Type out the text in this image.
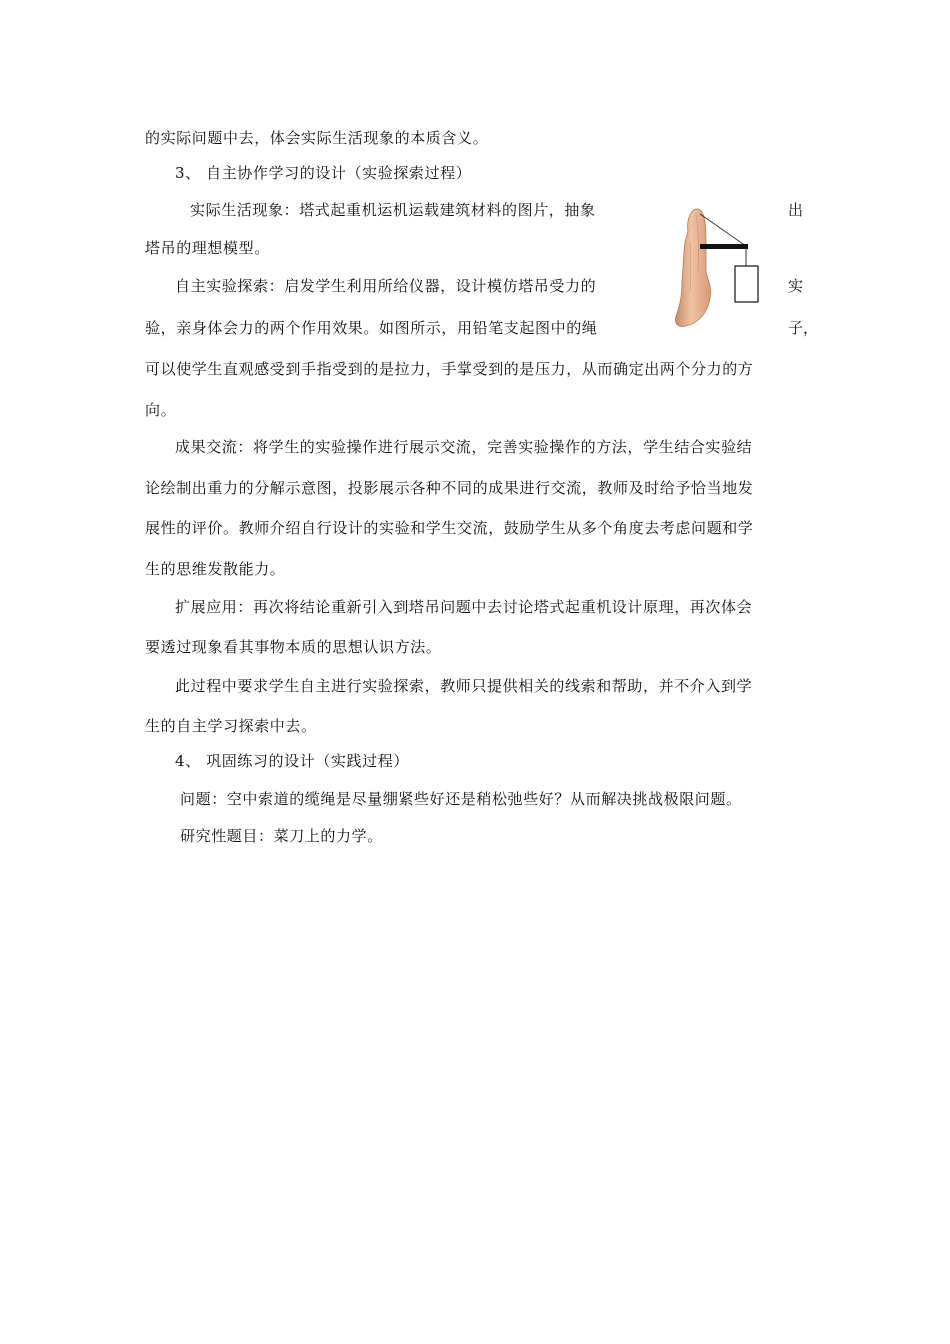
的实际问题中去，体会实际生活现象的本质含义。
3、 自主协作学习的设计（实验探索过程）
实际生活现象：塔式起重机运机运载建筑材料的图片，抽象	出
塔吊的理想模型。
自主实验探索：启发学生利用所给仪器，设计模仿塔吊受力的	实
验，亲身体会力的两个作用效果。如图所示，用铅笔支起图中的绳	子，
可以使学生直观感受到手指受到的是拉力，手掌受到的是压力，从而确定出两个分力的方
向。
成果交流：将学生的实验操作进行展示交流，完善实验操作的方法，学生结合实验结
论绘制出重力的分解示意图，投影展示各种不同的成果进行交流，教师及时给予恰当地发
展性的评价。教师介绍自行设计的实验和学生交流，鼓励学生从多个角度去考虑问题和学
生的思维发散能力。
扩展应用：再次将结论重新引入到塔吊问题中去讨论塔式起重机设计原理，再次体会
要透过现象看其事物本质的思想认识方法。
此过程中要求学生自主进行实验探索，教师只提供相关的线索和帮助，并不介入到学
生的自主学习探索中去。
4、 巩固练习的设计（实践过程）
问题：空中索道的缆绳是尽量绷紧些好还是稍松弛些好？从而解决挑战极限问题。
研究性题目：菜刀上的力学。
